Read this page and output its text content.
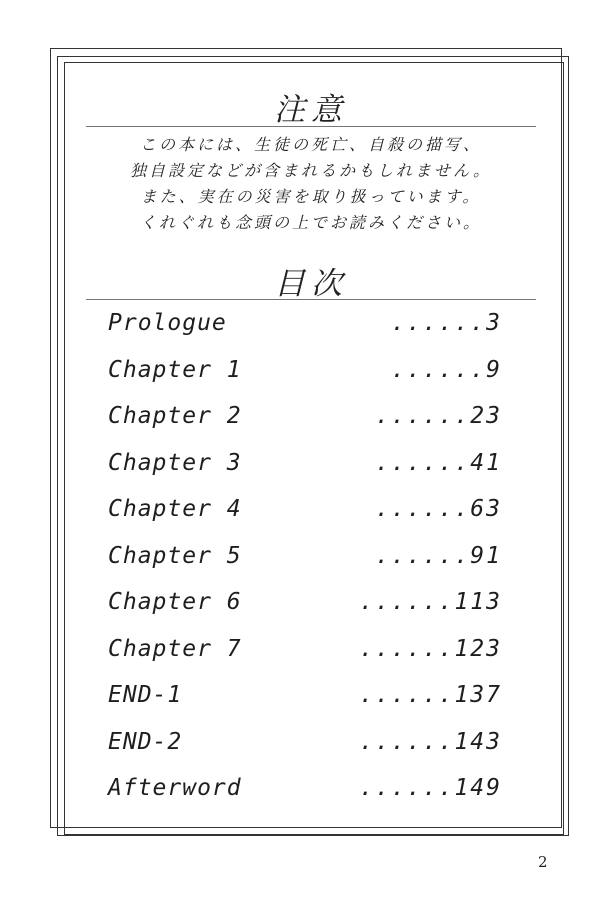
注意
この本には、生徒の死亡、自殺の描写、
独自設定などが含まれるかもしれません。
また、実在の災害を取り扱っています。
くれぐれも念頭の上でお読みください。
目次
Prologue	......3
Chapter 1	......9
Chapter 2	......23
Chapter 3	......41
Chapter 4	......63
Chapter 5	......91
Chapter 6	......113
Chapter 7	......123
END-1	......137
END-2	......143
Afterword	......149
2
